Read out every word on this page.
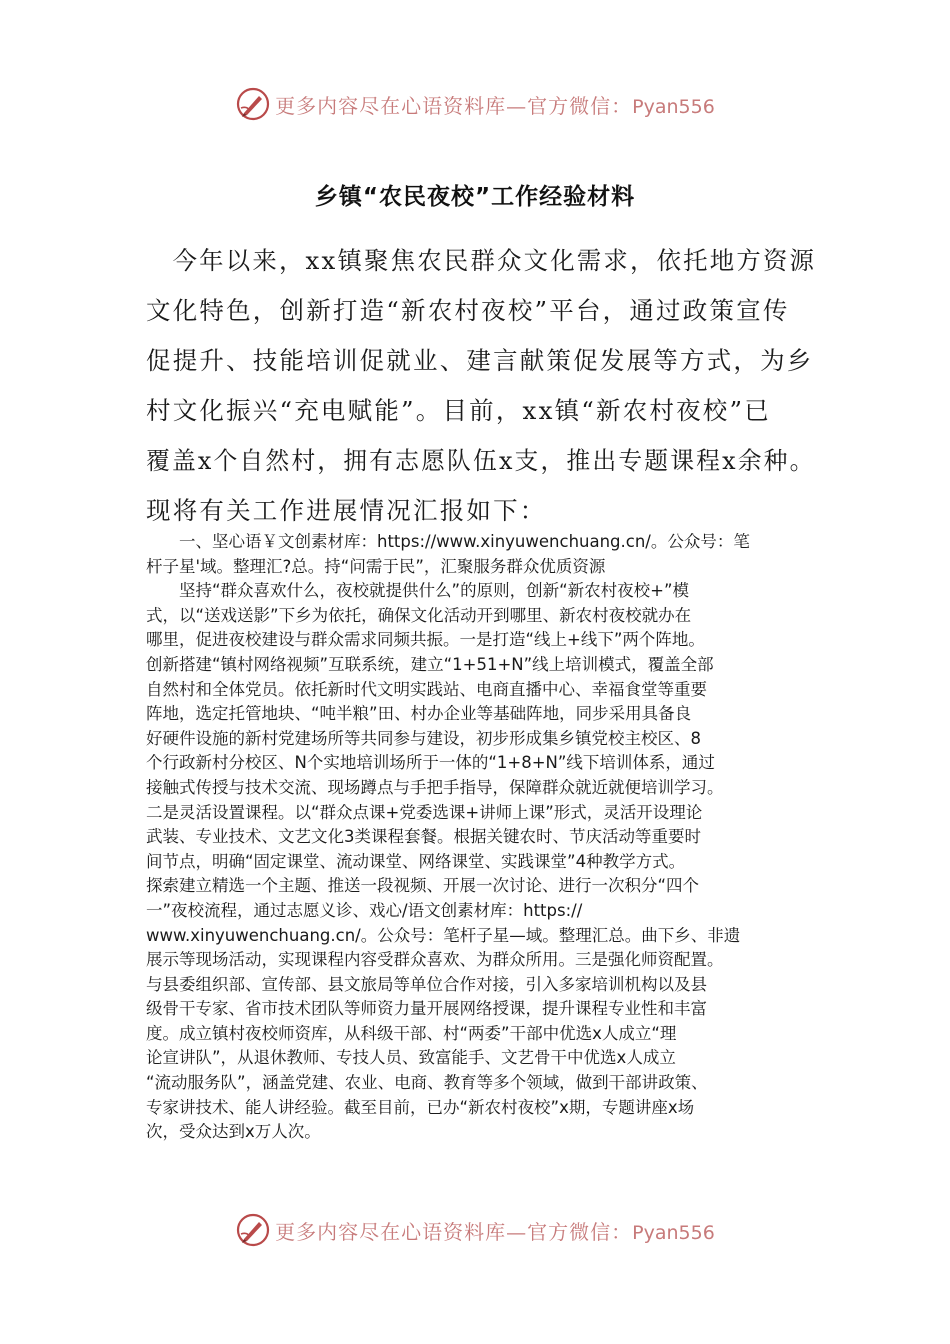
更多内容尽在心语资料库—官方微信：Pyan556
乡镇“农民夜校”工作经验材料
　今年以来，xx镇聚焦农民群众文化需求，依托地方资源
文化特色，创新打造“新农村夜校”平台，通过政策宣传
促提升、技能培训促就业、建言献策促发展等方式，为乡
村文化振兴“充电赋能”。目前，xx镇“新农村夜校”已
覆盖x个自然村，拥有志愿队伍x支，推出专题课程x余种。
现将有关工作进展情况汇报如下：
　　一、坚心语￥文创素材库：https://www.xinyuwenchuang.cn/。公众号：笔
杆子星'域。整理汇?总。持“问需于民”，汇聚服务群众优质资源
　　坚持“群众喜欢什么，夜校就提供什么”的原则，创新“新农村夜校+”模
式，以“送戏送影”下乡为依托，确保文化活动开到哪里、新农村夜校就办在
哪里，促进夜校建设与群众需求同频共振。一是打造“线上+线下”两个阵地。
创新搭建“镇村网络视频”互联系统，建立“1+51+N”线上培训模式，覆盖全部
自然村和全体党员。依托新时代文明实践站、电商直播中心、幸福食堂等重要
阵地，选定托管地块、“吨半粮”田、村办企业等基础阵地，同步采用具备良
好硬件设施的新村党建场所等共同参与建设，初步形成集乡镇党校主校区、8
个行政新村分校区、N个实地培训场所于一体的“1+8+N”线下培训体系，通过
接触式传授与技术交流、现场蹲点与手把手指导，保障群众就近就便培训学习。
二是灵活设置课程。以“群众点课+党委选课+讲师上课”形式，灵活开设理论
武装、专业技术、文艺文化3类课程套餐。根据关键农时、节庆活动等重要时
间节点，明确“固定课堂、流动课堂、网络课堂、实践课堂”4种教学方式。
探索建立精选一个主题、推送一段视频、开展一次讨论、进行一次积分“四个
一”夜校流程，通过志愿义诊、戏心/语文创素材库：https://
www.xinyuwenchuang.cn/。公众号：笔杆子星—域。整理汇总。曲下乡、非遗
展示等现场活动，实现课程内容受群众喜欢、为群众所用。三是强化师资配置。
与县委组织部、宣传部、县文旅局等单位合作对接，引入多家培训机构以及县
级骨干专家、省市技术团队等师资力量开展网络授课，提升课程专业性和丰富
度。成立镇村夜校师资库，从科级干部、村“两委”干部中优选x人成立“理
论宣讲队”，从退休教师、专技人员、致富能手、文艺骨干中优选x人成立
“流动服务队”，涵盖党建、农业、电商、教育等多个领域，做到干部讲政策、
专家讲技术、能人讲经验。截至目前，已办“新农村夜校”x期，专题讲座x场
次，受众达到x万人次。
更多内容尽在心语资料库—官方微信：Pyan556
